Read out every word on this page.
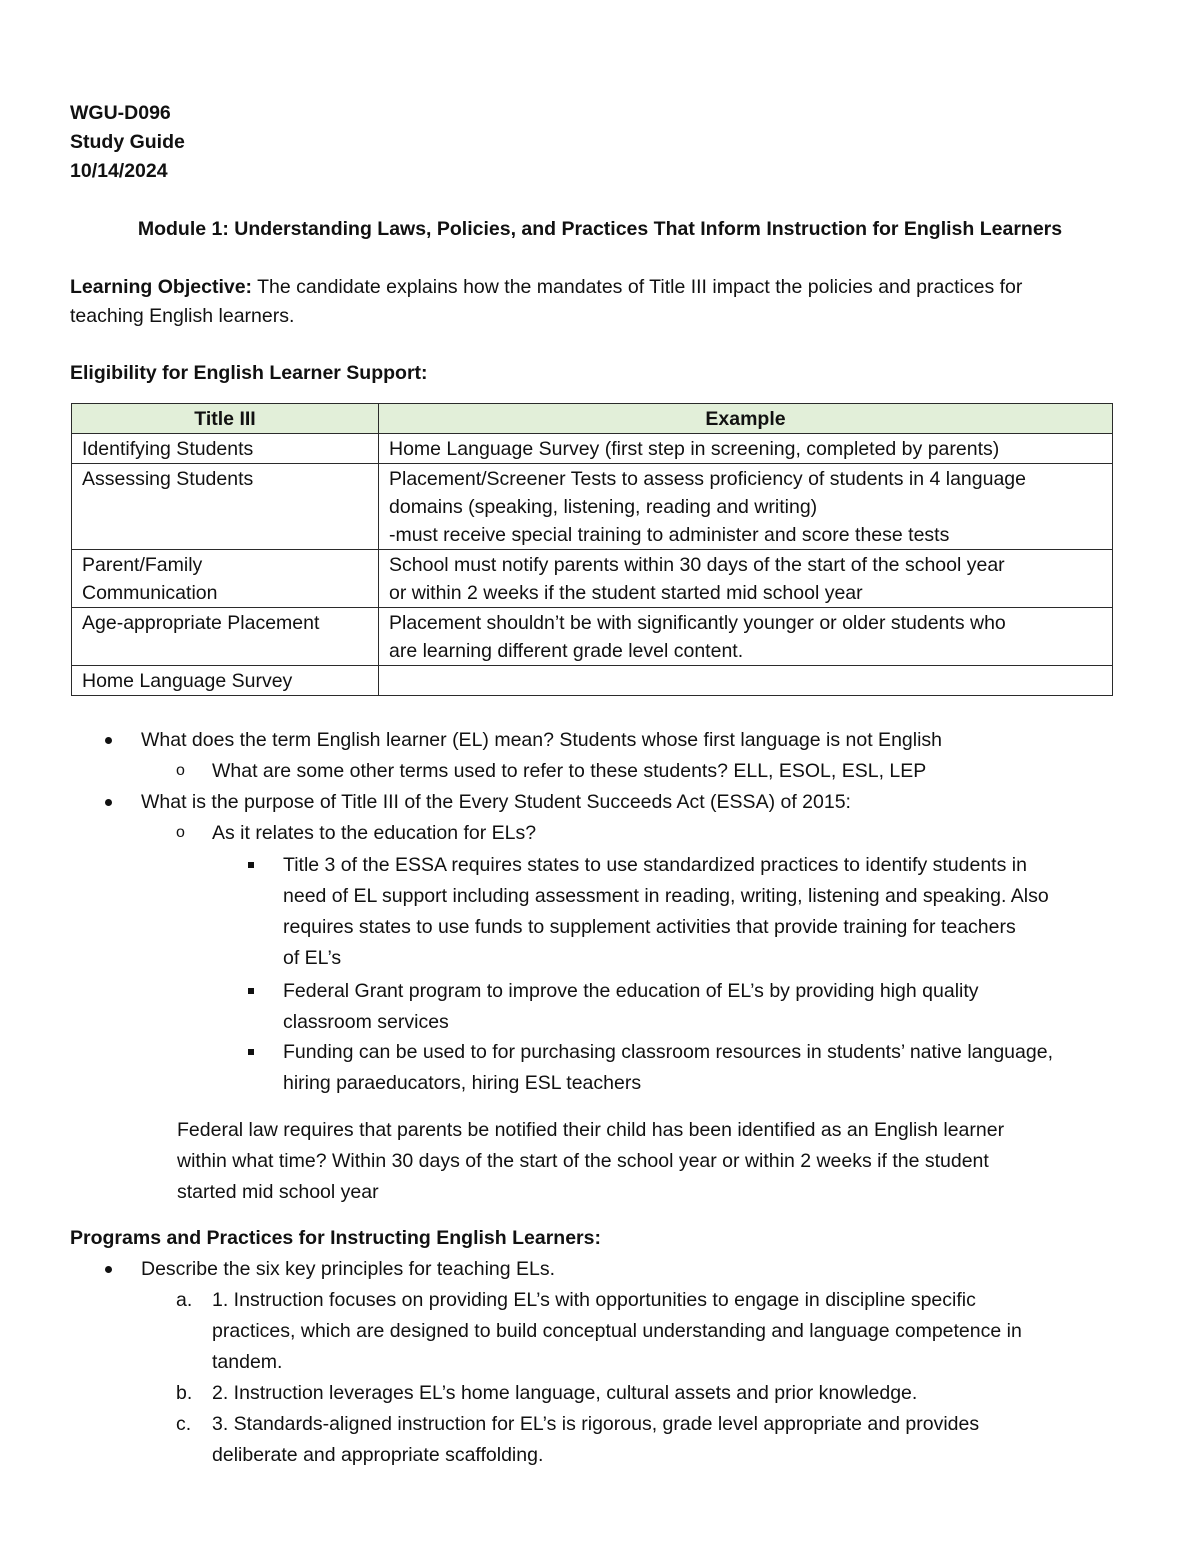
WGU-D096
Study Guide
10/14/2024
Module 1: Understanding Laws, Policies, and Practices That Inform Instruction for English Learners
Learning Objective: The candidate explains how the mandates of Title III impact the policies and practices for
teaching English learners.
Eligibility for English Learner Support:
Title III	Example

Identifying Students	Home Language Survey (first step in screening, completed by parents)

Assessing Students	Placement/Screener Tests to assess proficiency of students in 4 language
domains (speaking, listening, reading and writing)
-must receive special training to administer and score these tests

Parent/Family
Communication	School must notify parents within 30 days of the start of the school year
or within 2 weeks if the student started mid school year

Age-appropriate Placement	Placement shouldn’t be with significantly younger or older students who
are learning different grade level content.

Home Language Survey	

What does the term English learner (EL) mean? Students whose first language is not English
o What are some other terms used to refer to these students? ELL, ESOL, ESL, LEP
What is the purpose of Title III of the Every Student Succeeds Act (ESSA) of 2015:
o As it relates to the education for ELs?
Title 3 of the ESSA requires states to use standardized practices to identify students in
need of EL support including assessment in reading, writing, listening and speaking. Also
requires states to use funds to supplement activities that provide training for teachers
of EL’s
Federal Grant program to improve the education of EL’s by providing high quality
classroom services
Funding can be used to for purchasing classroom resources in students’ native language,
hiring paraeducators, hiring ESL teachers
Federal law requires that parents be notified their child has been identified as an English learner
within what time? Within 30 days of the start of the school year or within 2 weeks if the student
started mid school year
Programs and Practices for Instructing English Learners:
Describe the six key principles for teaching ELs.
a. 1. Instruction focuses on providing EL’s with opportunities to engage in discipline specific
practices, which are designed to build conceptual understanding and language competence in
tandem.
b. 2. Instruction leverages EL’s home language, cultural assets and prior knowledge.
c. 3. Standards-aligned instruction for EL’s is rigorous, grade level appropriate and provides
deliberate and appropriate scaffolding.
